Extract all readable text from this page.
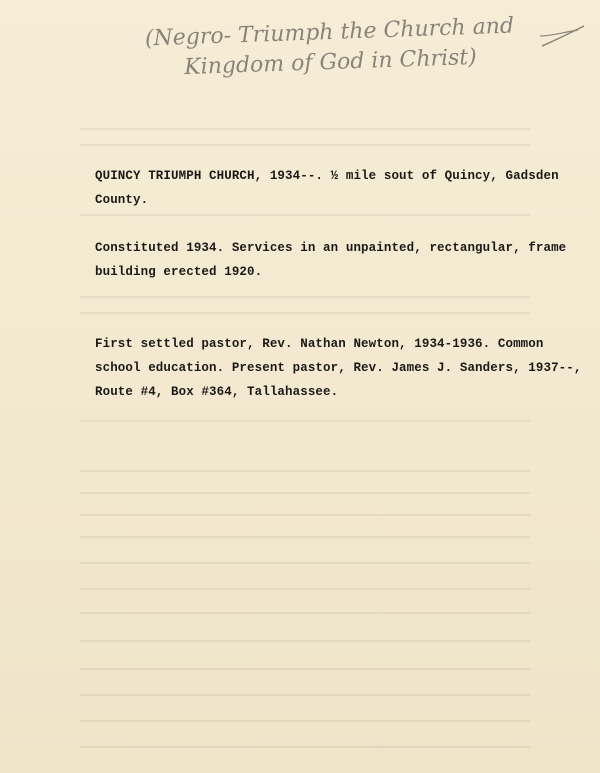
(Negro- Triumph the Church and
Kingdom of God in Christ)
QUINCY TRIUMPH CHURCH, 1934--. ½ mile sout of Quincy, Gadsden
County.
Constituted 1934. Services in an unpainted, rectangular, frame
building erected 1920.
First settled pastor, Rev. Nathan Newton, 1934-1936. Common
school education. Present pastor, Rev. James J. Sanders, 1937--,
Route #4, Box #364, Tallahassee.
